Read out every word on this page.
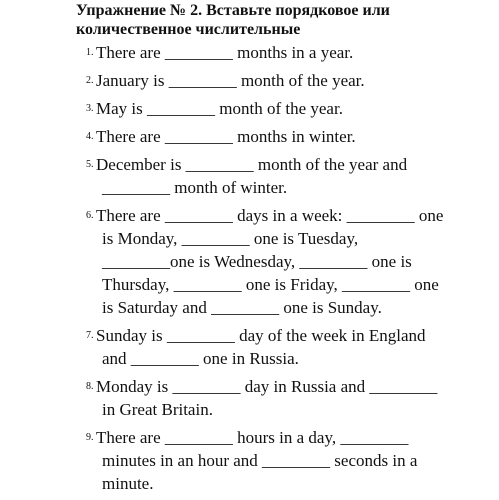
Упражнение № 2. Вставьте порядковое или
количественное числительные
1. There are ________ months in a year.
2. January is ________ month of the year.
3. May is ________ month of the year.
4. There are ________ months in winter.
5. December is ________ month of the year and
________ month of winter.
6. There are ________ days in a week: ________ one
is Monday, ________ one is Tuesday,
________one is Wednesday, ________ one is
Thursday, ________ one is Friday, ________ one
is Saturday and ________ one is Sunday.
7. Sunday is ________ day of the week in England
and ________ one in Russia.
8. Monday is ________ day in Russia and ________
in Great Britain.
9. There are ________ hours in a day, ________
minutes in an hour and ________ seconds in a
minute.
